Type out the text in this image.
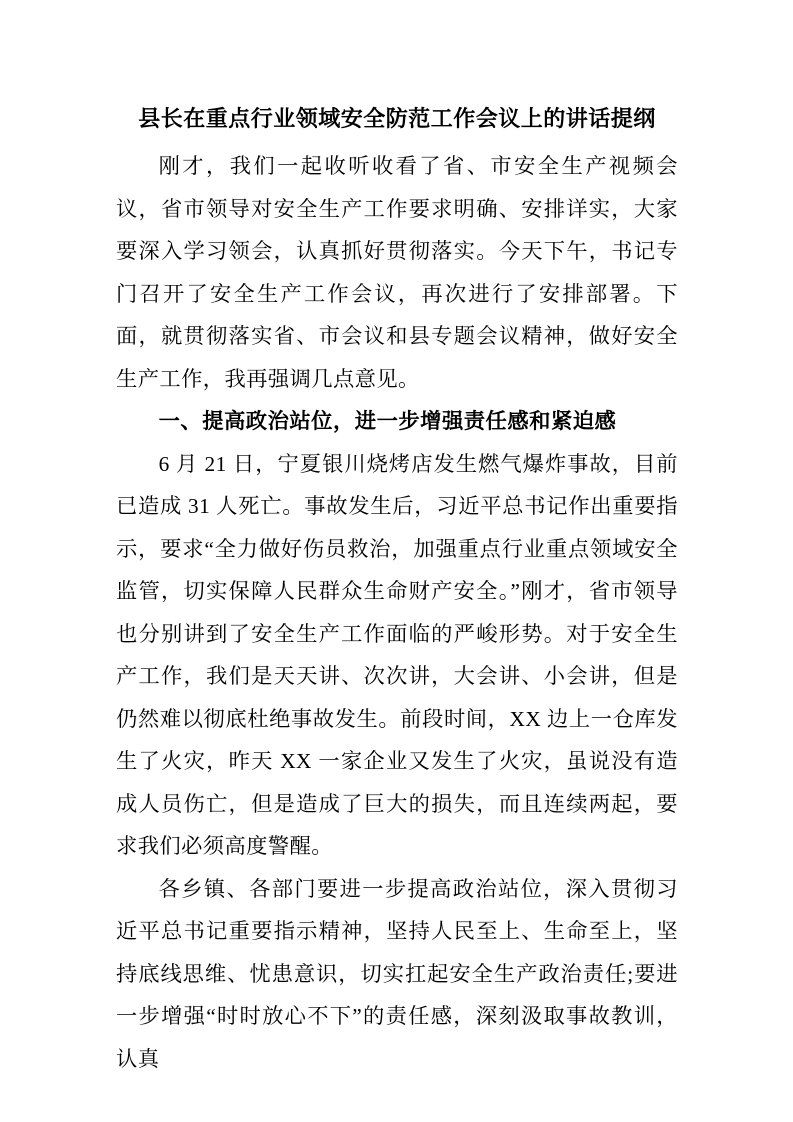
县长在重点行业领域安全防范工作会议上的讲话提纲

刚才，我们一起收听收看了省、市安全生产视频会议，省市领导对安全生产工作要求明确、安排详实，大家要深入学习领会，认真抓好贯彻落实。今天下午，书记专门召开了安全生产工作会议，再次进行了安排部署。下面，就贯彻落实省、市会议和县专题会议精神，做好安全生产工作，我再强调几点意见。

一、提高政治站位，进一步增强责任感和紧迫感

6 月 21 日，宁夏银川烧烤店发生燃气爆炸事故，目前已造成 31 人死亡。事故发生后，习近平总书记作出重要指示，要求“全力做好伤员救治，加强重点行业重点领域安全监管，切实保障人民群众生命财产安全。”刚才，省市领导也分别讲到了安全生产工作面临的严峻形势。对于安全生产工作，我们是天天讲、次次讲，大会讲、小会讲，但是仍然难以彻底杜绝事故发生。前段时间，XX 边上一仓库发生了火灾，昨天 XX 一家企业又发生了火灾，虽说没有造成人员伤亡，但是造成了巨大的损失，而且连续两起，要求我们必须高度警醒。

各乡镇、各部门要进一步提高政治站位，深入贯彻习近平总书记重要指示精神，坚持人民至上、生命至上，坚持底线思维、忧患意识，切实扛起安全生产政治责任;要进一步增强“时时放心不下”的责任感，深刻汲取事故教训，认真
